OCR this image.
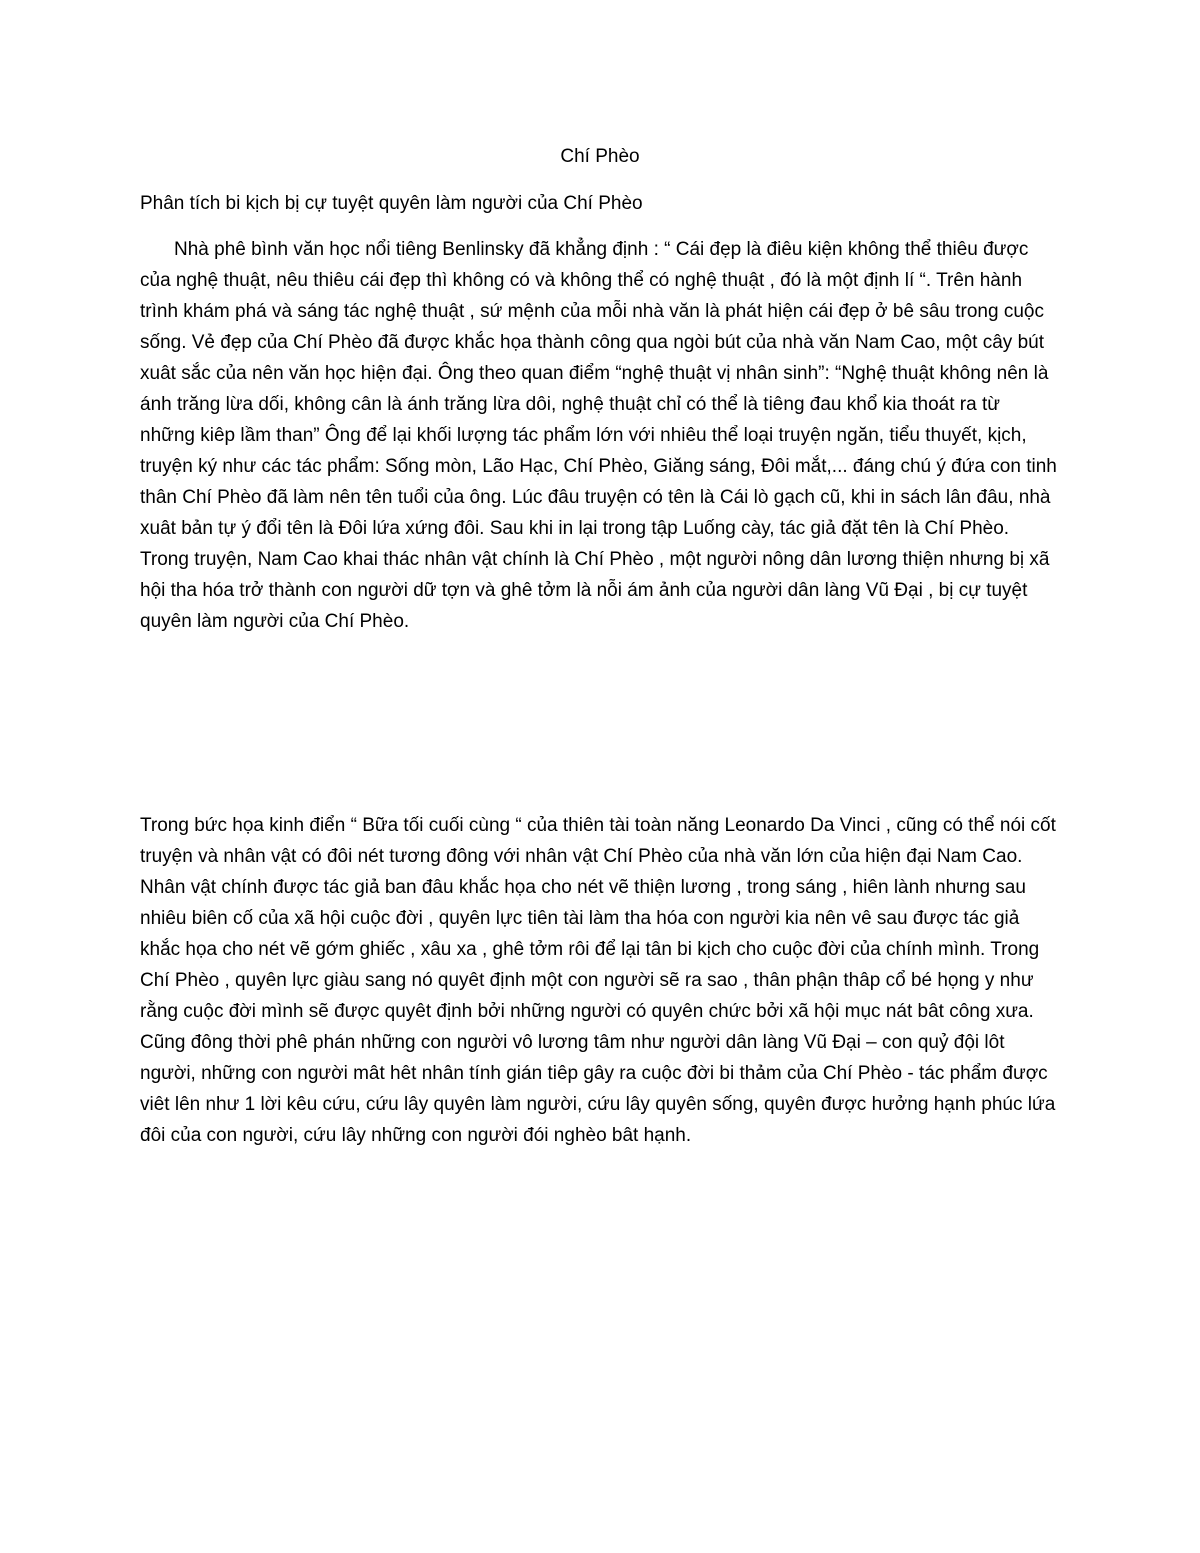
Chí Phèo
Phân tích bi kịch bị cự tuyệt quyên làm người của Chí Phèo

Nhà phê bình văn học nổi tiêng Benlinsky đã khẳng định : “ Cái đẹp là điêu kiện không thể thiêu được của nghệ thuật, nêu thiêu cái đẹp thì không có và không thể có nghệ thuật , đó là một định lí “. Trên hành trình khám phá và sáng tác nghệ thuật , sứ mệnh của mỗi nhà văn là phát hiện cái đẹp ở bê sâu trong cuộc sống. Vẻ đẹp của Chí Phèo đã được khắc họa thành công qua ngòi bút của nhà văn Nam Cao, một cây bút xuât sắc của nên văn học hiện đại. Ông theo quan điểm “nghệ thuật vị nhân sinh”: “Nghệ thuật không nên là ánh trăng lừa dối, không cân là ánh trăng lừa dôi, nghệ thuật chỉ có thể là tiêng đau khổ kia thoát ra từ những kiêp lầm than” Ông để lại khối lượng tác phẩm lớn với nhiêu thể loại truyện ngăn, tiểu thuyết, kịch, truyện ký như các tác phẩm: Sống mòn, Lão Hạc, Chí Phèo, Giăng sáng, Đôi mắt,... đáng chú ý đứa con tinh thân Chí Phèo đã làm nên tên tuổi của ông. Lúc đâu truyện có tên là Cái lò gạch cũ, khi in sách lân đâu, nhà xuât bản tự ý đổi tên là Đôi lứa xứng đôi. Sau khi in lại trong tập Luống cày, tác giả đặt tên là Chí Phèo. Trong truyện, Nam Cao khai thác nhân vật chính là Chí Phèo , một người nông dân lương thiện nhưng bị xã hội tha hóa trở thành con người dữ tợn và ghê tởm là nỗi ám ảnh của người dân làng Vũ Đại , bị cự tuyệt quyên làm người của Chí Phèo.

Trong bức họa kinh điển “ Bữa tối cuối cùng “ của thiên tài toàn năng Leonardo Da Vinci , cũng có thể nói cốt truyện và nhân vật có đôi nét tương đông với nhân vật Chí Phèo của nhà văn lớn của hiện đại Nam Cao. Nhân vật chính được tác giả ban đâu khắc họa cho nét vẽ thiện lương , trong sáng , hiên lành nhưng sau nhiêu biên cố của xã hội cuộc đời , quyên lực tiên tài làm tha hóa con người kia nên vê sau được tác giả khắc họa cho nét vẽ gớm ghiếc , xâu xa , ghê tởm rôi để lại tân bi kịch cho cuộc đời của chính mình. Trong Chí Phèo , quyên lực giàu sang nó quyêt định một con người sẽ ra sao , thân phận thâp cổ bé họng y như rằng cuộc đời mình sẽ được quyêt định bởi những người có quyên chức bởi xã hội mục nát bât công xưa. Cũng đông thời phê phán những con người vô lương tâm như người dân làng Vũ Đại – con quỷ đội lôt người, những con người mât hêt nhân tính gián tiêp gây ra cuộc đời bi thảm của Chí Phèo - tác phẩm được viêt lên như 1 lời kêu cứu, cứu lây quyên làm người, cứu lây quyên sống, quyên được hưởng hạnh phúc lứa đôi của con người, cứu lây những con người đói nghèo bât hạnh.
